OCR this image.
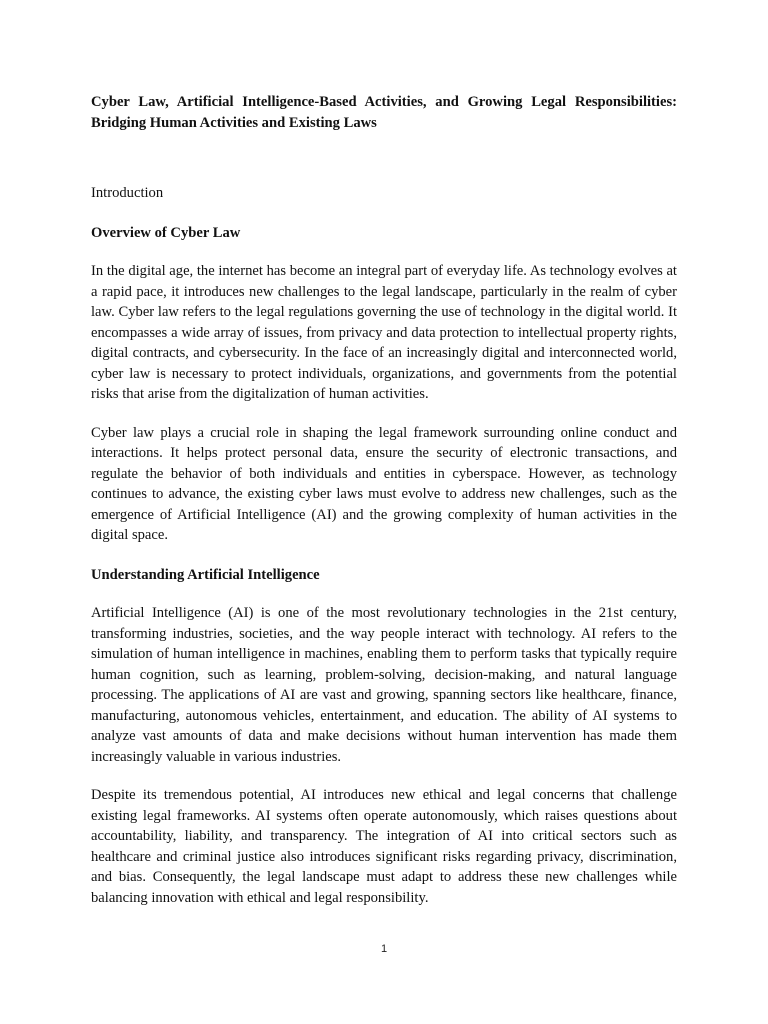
Cyber Law, Artificial Intelligence-Based Activities, and Growing Legal Responsibilities: Bridging Human Activities and Existing Laws

Introduction

Overview of Cyber Law

In the digital age, the internet has become an integral part of everyday life. As technology evolves at a rapid pace, it introduces new challenges to the legal landscape, particularly in the realm of cyber law. Cyber law refers to the legal regulations governing the use of technology in the digital world. It encompasses a wide array of issues, from privacy and data protection to intellectual property rights, digital contracts, and cybersecurity. In the face of an increasingly digital and interconnected world, cyber law is necessary to protect individuals, organizations, and governments from the potential risks that arise from the digitalization of human activities.

Cyber law plays a crucial role in shaping the legal framework surrounding online conduct and interactions. It helps protect personal data, ensure the security of electronic transactions, and regulate the behavior of both individuals and entities in cyberspace. However, as technology continues to advance, the existing cyber laws must evolve to address new challenges, such as the emergence of Artificial Intelligence (AI) and the growing complexity of human activities in the digital space.

Understanding Artificial Intelligence

Artificial Intelligence (AI) is one of the most revolutionary technologies in the 21st century, transforming industries, societies, and the way people interact with technology. AI refers to the simulation of human intelligence in machines, enabling them to perform tasks that typically require human cognition, such as learning, problem-solving, decision-making, and natural language processing. The applications of AI are vast and growing, spanning sectors like healthcare, finance, manufacturing, autonomous vehicles, entertainment, and education. The ability of AI systems to analyze vast amounts of data and make decisions without human intervention has made them increasingly valuable in various industries.

Despite its tremendous potential, AI introduces new ethical and legal concerns that challenge existing legal frameworks. AI systems often operate autonomously, which raises questions about accountability, liability, and transparency. The integration of AI into critical sectors such as healthcare and criminal justice also introduces significant risks regarding privacy, discrimination, and bias. Consequently, the legal landscape must adapt to address these new challenges while balancing innovation with ethical and legal responsibility.

1
